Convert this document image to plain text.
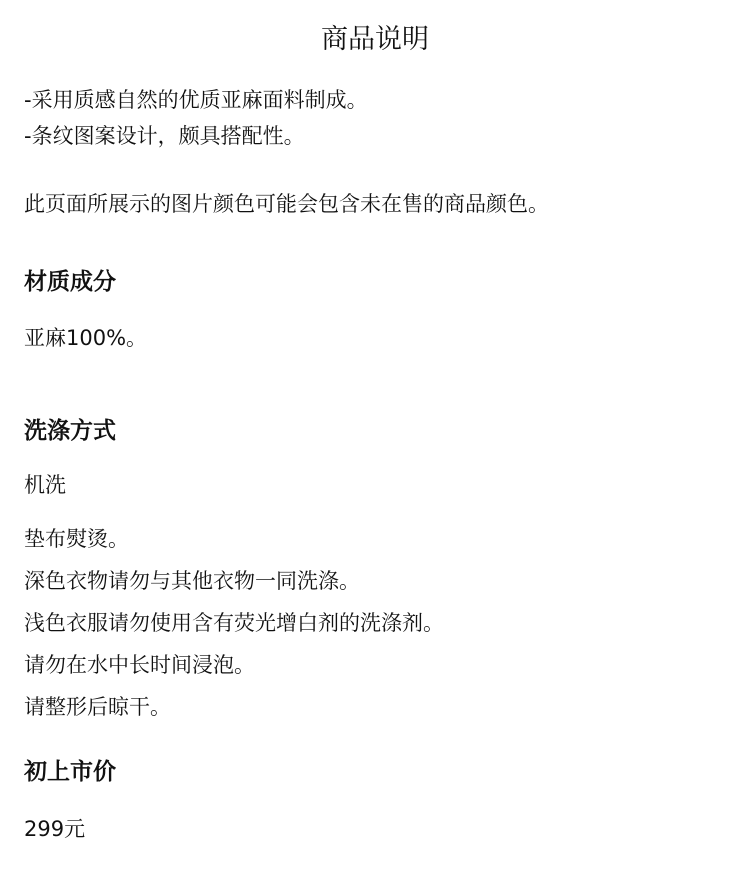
商品说明
-采用质感自然的优质亚麻面料制成。
-条纹图案设计，颇具搭配性。

此页面所展示的图片颜色可能会包含未在售的商品颜色。

材质成分

亚麻100%。

洗涤方式

机洗

垫布熨烫。
深色衣物请勿与其他衣物一同洗涤。
浅色衣服请勿使用含有荧光增白剂的洗涤剂。
请勿在水中长时间浸泡。
请整形后晾干。
初上市价

299元
